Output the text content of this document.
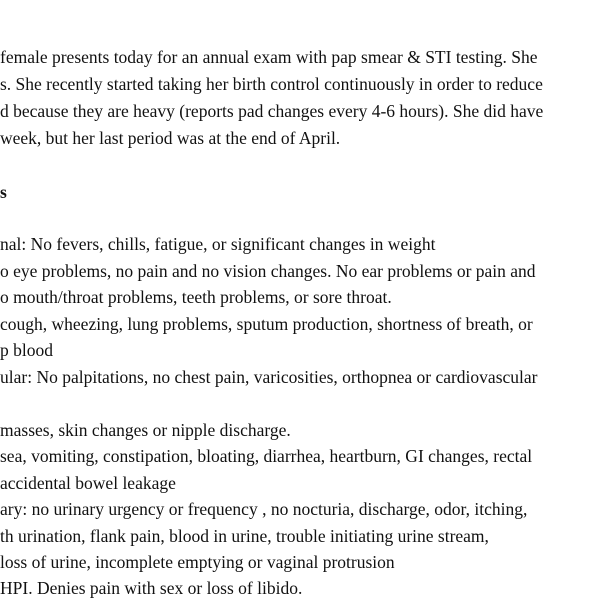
female presents today for an annual exam with pap smear & STI testing. She
s. She recently started taking her birth control continuously in order to reduce
d because they are heavy (reports pad changes every 4-6 hours). She did have
week, but her last period was at the end of April.
s
nal: No fevers, chills, fatigue, or significant changes in weight
o eye problems, no pain and no vision changes. No ear problems or pain and
o mouth/throat problems, teeth problems, or sore throat.
cough, wheezing, lung problems, sputum production, shortness of breath, or
p blood
ular: No palpitations, no chest pain, varicosities, orthopnea or cardiovascular
masses, skin changes or nipple discharge.
sea, vomiting, constipation, bloating, diarrhea, heartburn, GI changes, rectal
accidental bowel leakage
ary: no urinary urgency or frequency , no nocturia, discharge, odor, itching,
th urination, flank pain, blood in urine, trouble initiating urine stream,
loss of urine, incomplete emptying or vaginal protrusion
HPI. Denies pain with sex or loss of libido.
